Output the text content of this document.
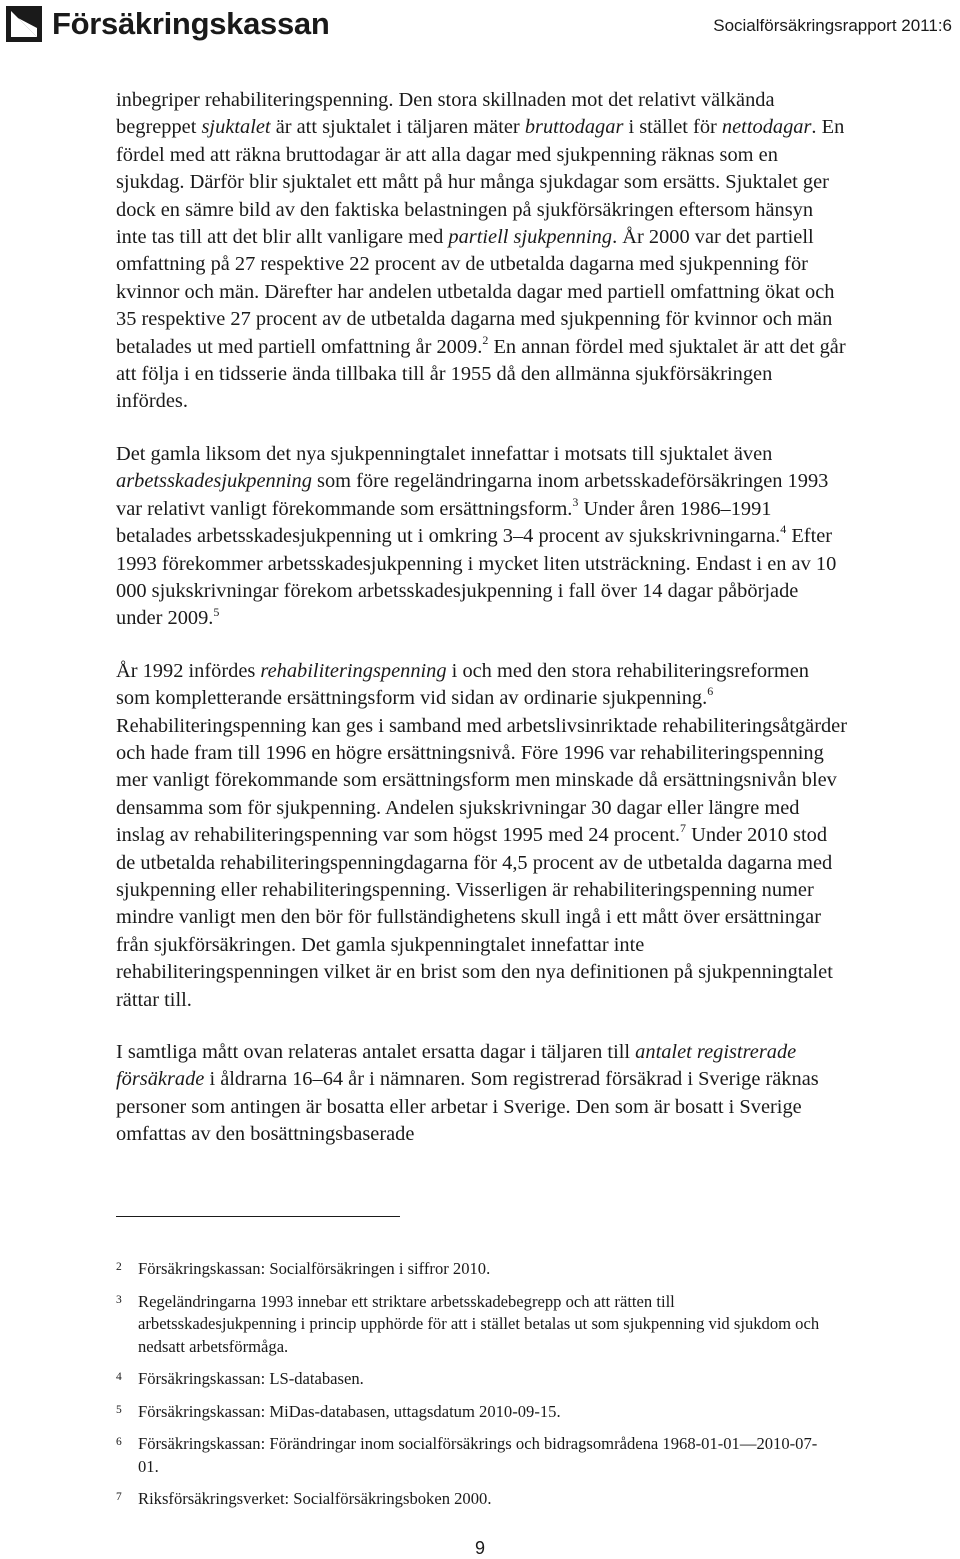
Försäkringskassan	Socialförsäkringsrapport 2011:6

inbegriper rehabiliteringspenning. Den stora skillnaden mot det relativt välkända begreppet sjuktalet är att sjuktalet i täljaren mäter bruttodagar i stället för nettodagar. En fördel med att räkna bruttodagar är att alla dagar med sjukpenning räknas som en sjukdag. Därför blir sjuktalet ett mått på hur många sjukdagar som ersätts. Sjuktalet ger dock en sämre bild av den faktiska belastningen på sjukförsäkringen eftersom hänsyn inte tas till att det blir allt vanligare med partiell sjukpenning. År 2000 var det partiell omfattning på 27 respektive 22 procent av de utbetalda dagarna med sjukpenning för kvinnor och män. Därefter har andelen utbetalda dagar med partiell omfattning ökat och 35 respektive 27 procent av de utbetalda dagarna med sjukpenning för kvinnor och män betalades ut med partiell omfattning år 2009.$^2$ En annan fördel med sjuktalet är att det går att följa i en tidsserie ända tillbaka till år 1955 då den allmänna sjukförsäkringen infördes.

Det gamla liksom det nya sjukpenningtalet innefattar i motsats till sjuktalet även arbetsskadesjukpenning som före regeländringarna inom arbetsskadeförsäkringen 1993 var relativt vanligt förekommande som ersättningsform.$^3$ Under åren 1986–1991 betalades arbetsskadesjukpenning ut i omkring 3–4 procent av sjukskrivningarna.$^4$ Efter 1993 förekommer arbetsskadesjukpenning i mycket liten utsträckning. Endast i en av 10 000 sjukskrivningar förekom arbetsskadesjukpenning i fall över 14 dagar påbörjade under 2009.$^5$

År 1992 infördes rehabiliteringspenning i och med den stora rehabiliteringsreformen som kompletterande ersättningsform vid sidan av ordinarie sjukpenning.$^6$ Rehabiliteringspenning kan ges i samband med arbetslivsinriktade rehabiliteringsåtgärder och hade fram till 1996 en högre ersättningsnivå. Före 1996 var rehabiliteringspenning mer vanligt förekommande som ersättningsform men minskade då ersättningsnivån blev densamma som för sjukpenning. Andelen sjukskrivningar 30 dagar eller längre med inslag av rehabiliteringspenning var som högst 1995 med 24 procent.$^7$ Under 2010 stod de utbetalda rehabiliteringspenningdagarna för 4,5 procent av de utbetalda dagarna med sjukpenning eller rehabiliteringspenning. Visserligen är rehabiliteringspenning numer mindre vanligt men den bör för fullständighetens skull ingå i ett mått över ersättningar från sjukförsäkringen. Det gamla sjukpenningtalet innefattar inte rehabiliteringspenningen vilket är en brist som den nya definitionen på sjukpenningtalet rättar till.

I samtliga mått ovan relateras antalet ersatta dagar i täljaren till antalet registrerade försäkrade i åldrarna 16–64 år i nämnaren. Som registrerad försäkrad i Sverige räknas personer som antingen är bosatta eller arbetar i Sverige. Den som är bosatt i Sverige omfattas av den bosättningsbaserade

2 Försäkringskassan: Socialförsäkringen i siffror 2010.
3 Regeländringarna 1993 innebar ett striktare arbetsskadebegrepp och att rätten till arbetsskadesjukpenning i princip upphörde för att i stället betalas ut som sjukpenning vid sjukdom och nedsatt arbetsförmåga.
4 Försäkringskassan: LS-databasen.
5 Försäkringskassan: MiDas-databasen, uttagsdatum 2010-09-15.
6 Försäkringskassan: Förändringar inom socialförsäkrings och bidragsområdena 1968-01-01—2010-07-01.
7 Riksförsäkringsverket: Socialförsäkringsboken 2000.
9
